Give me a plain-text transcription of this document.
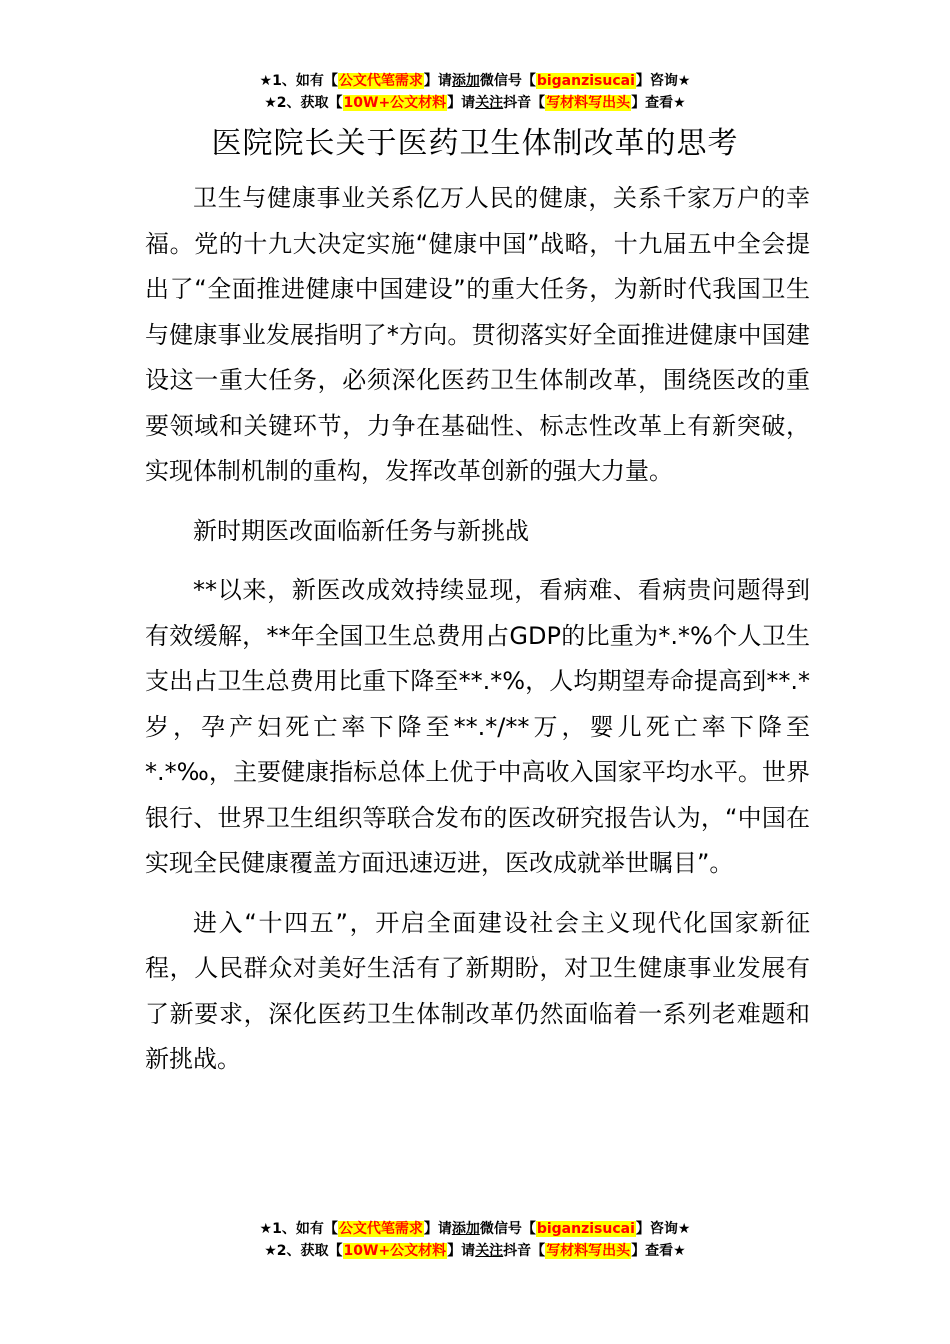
★1、如有【公文代笔需求】请添加微信号【biganzisucai】咨询★
★2、获取【10W+公文材料】请关注抖音【写材料写出头】查看★
医院院长关于医药卫生体制改革的思考

卫生与健康事业关系亿万人民的健康，关系千家万户的幸福。党的十九大决定实施“健康中国”战略，十九届五中全会提出了“全面推进健康中国建设”的重大任务，为新时代我国卫生与健康事业发展指明了*方向。贯彻落实好全面推进健康中国建设这一重大任务，必须深化医药卫生体制改革，围绕医改的重要领域和关键环节，力争在基础性、标志性改革上有新突破，实现体制机制的重构，发挥改革创新的强大力量。

新时期医改面临新任务与新挑战

**以来，新医改成效持续显现，看病难、看病贵问题得到有效缓解，**年全国卫生总费用占GDP的比重为*.*%个人卫生支出占卫生总费用比重下降至**.*%，人均期望寿命提高到**.*岁，孕产妇死亡率下降至**.*/**万，婴儿死亡率下降至*.*‰，主要健康指标总体上优于中高收入国家平均水平。世界银行、世界卫生组织等联合发布的医改研究报告认为，“中国在实现全民健康覆盖方面迅速迈进，医改成就举世瞩目”。

进入“十四五”，开启全面建设社会主义现代化国家新征程，人民群众对美好生活有了新期盼，对卫生健康事业发展有了新要求，深化医药卫生体制改革仍然面临着一系列老难题和新挑战。

★1、如有【公文代笔需求】请添加微信号【biganzisucai】咨询★
★2、获取【10W+公文材料】请关注抖音【写材料写出头】查看★
